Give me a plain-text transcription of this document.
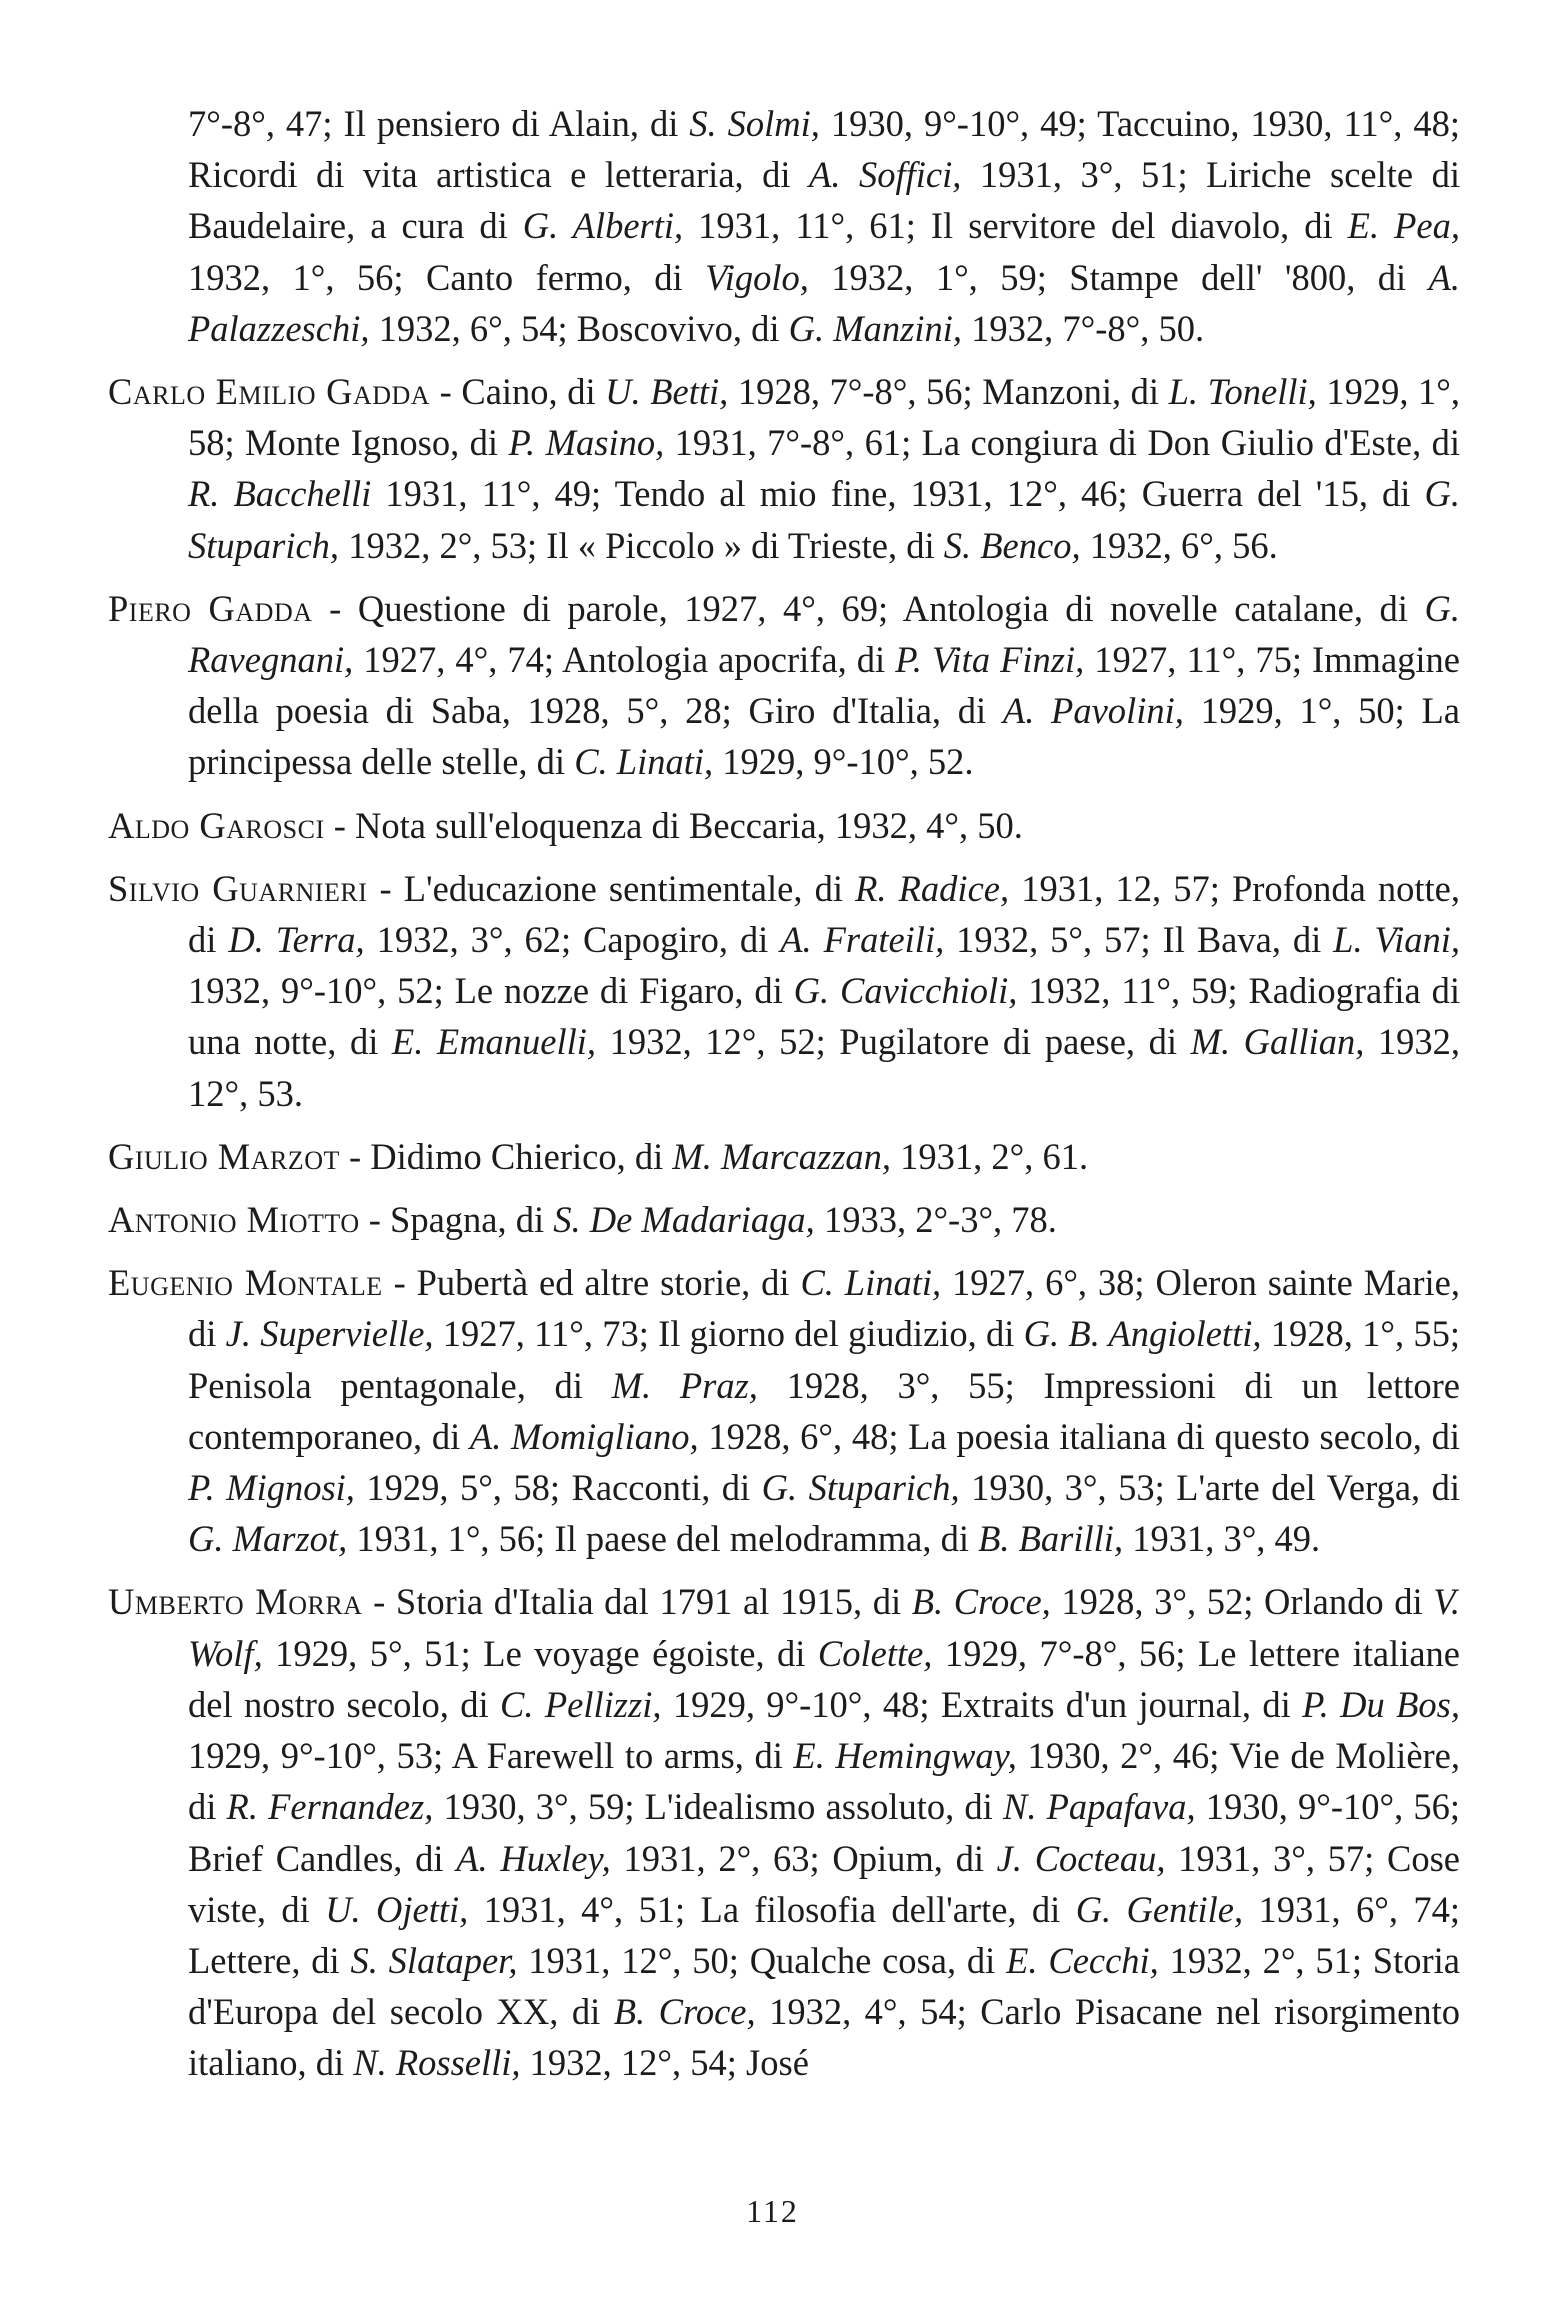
7°-8°, 47; Il pensiero di Alain, di S. Solmi, 1930, 9°-10°, 49; Taccuino, 1930, 11°, 48; Ricordi di vita artistica e letteraria, di A. Soffici, 1931, 3°, 51; Liriche scelte di Baudelaire, a cura di G. Alberti, 1931, 11°, 61; Il servitore del diavolo, di E. Pea, 1932, 1°, 56; Canto fermo, di Vigolo, 1932, 1°, 59; Stampe dell' '800, di A. Palazzeschi, 1932, 6°, 54; Boscovivo, di G. Manzini, 1932, 7°-8°, 50.

Carlo Emilio Gadda - Caino, di U. Betti, 1928, 7°-8°, 56; Manzoni, di L. Tonelli, 1929, 1°, 58; Monte Ignoso, di P. Masino, 1931, 7°-8°, 61; La congiura di Don Giulio d'Este, di R. Bacchelli 1931, 11°, 49; Tendo al mio fine, 1931, 12°, 46; Guerra del '15, di G. Stuparich, 1932, 2°, 53; Il « Piccolo » di Trieste, di S. Benco, 1932, 6°, 56.

Piero Gadda - Questione di parole, 1927, 4°, 69; Antologia di novelle catalane, di G. Ravegnani, 1927, 4°, 74; Antologia apocrifa, di P. Vita Finzi, 1927, 11°, 75; Immagine della poesia di Saba, 1928, 5°, 28; Giro d'Italia, di A. Pavolini, 1929, 1°, 50; La principessa delle stelle, di C. Linati, 1929, 9°-10°, 52.

Aldo Garosci - Nota sull'eloquenza di Beccaria, 1932, 4°, 50.

Silvio Guarnieri - L'educazione sentimentale, di R. Radice, 1931, 12, 57; Profonda notte, di D. Terra, 1932, 3°, 62; Capogiro, di A. Frateili, 1932, 5°, 57; Il Bava, di L. Viani, 1932, 9°-10°, 52; Le nozze di Figaro, di G. Cavicchioli, 1932, 11°, 59; Radiografia di una notte, di E. Emanuelli, 1932, 12°, 52; Pugilatore di paese, di M. Gallian, 1932, 12°, 53.

Giulio Marzot - Didimo Chierico, di M. Marcazzan, 1931, 2°, 61.

Antonio Miotto - Spagna, di S. De Madariaga, 1933, 2°-3°, 78.

Eugenio Montale - Pubertà ed altre storie, di C. Linati, 1927, 6°, 38; Oleron sainte Marie, di J. Supervielle, 1927, 11°, 73; Il giorno del giudizio, di G. B. Angioletti, 1928, 1°, 55; Penisola pentagonale, di M. Praz, 1928, 3°, 55; Impressioni di un lettore contemporaneo, di A. Momigliano, 1928, 6°, 48; La poesia italiana di questo secolo, di P. Mignosi, 1929, 5°, 58; Racconti, di G. Stuparich, 1930, 3°, 53; L'arte del Verga, di G. Marzot, 1931, 1°, 56; Il paese del melodramma, di B. Barilli, 1931, 3°, 49.

Umberto Morra - Storia d'Italia dal 1791 al 1915, di B. Croce, 1928, 3°, 52; Orlando di V. Wolf, 1929, 5°, 51; Le voyage égoiste, di Colette, 1929, 7°-8°, 56; Le lettere italiane del nostro secolo, di C. Pellizzi, 1929, 9°-10°, 48; Extraits d'un journal, di P. Du Bos, 1929, 9°-10°, 53; A Farewell to arms, di E. Hemingway, 1930, 2°, 46; Vie de Molière, di R. Fernandez, 1930, 3°, 59; L'idealismo assoluto, di N. Papafava, 1930, 9°-10°, 56; Brief Candles, di A. Huxley, 1931, 2°, 63; Opium, di J. Cocteau, 1931, 3°, 57; Cose viste, di U. Ojetti, 1931, 4°, 51; La filosofia dell'arte, di G. Gentile, 1931, 6°, 74; Lettere, di S. Slataper, 1931, 12°, 50; Qualche cosa, di E. Cecchi, 1932, 2°, 51; Storia d'Europa del secolo XX, di B. Croce, 1932, 4°, 54; Carlo Pisacane nel risorgimento italiano, di N. Rosselli, 1932, 12°, 54; José

112
